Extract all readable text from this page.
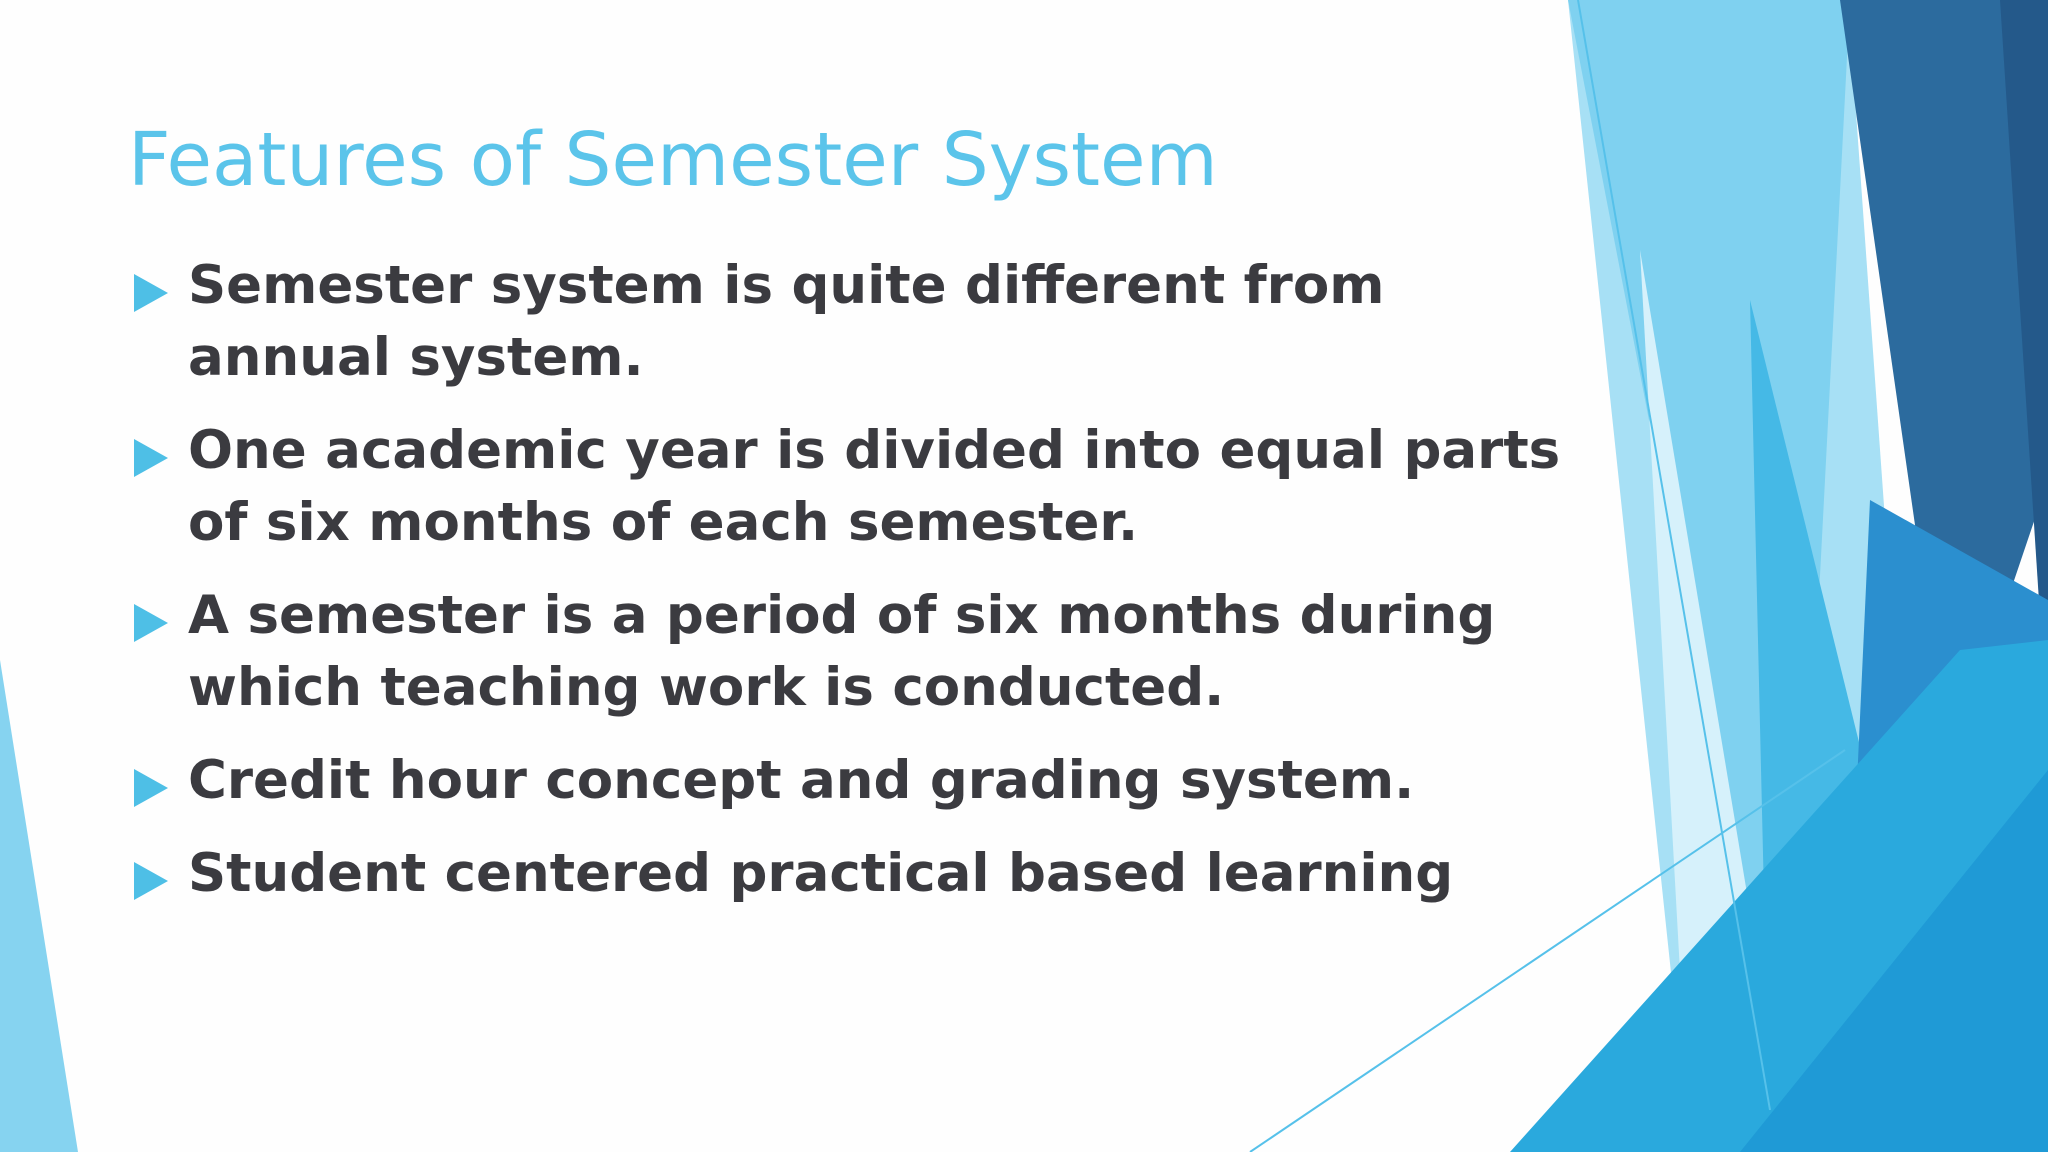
Features of Semester System
Semester system is quite different from annual system.
One academic year is divided into equal parts of six months of each semester.
A semester is a period of six months during which teaching work is conducted.
Credit hour concept and grading system.
Student centered practical based learning
